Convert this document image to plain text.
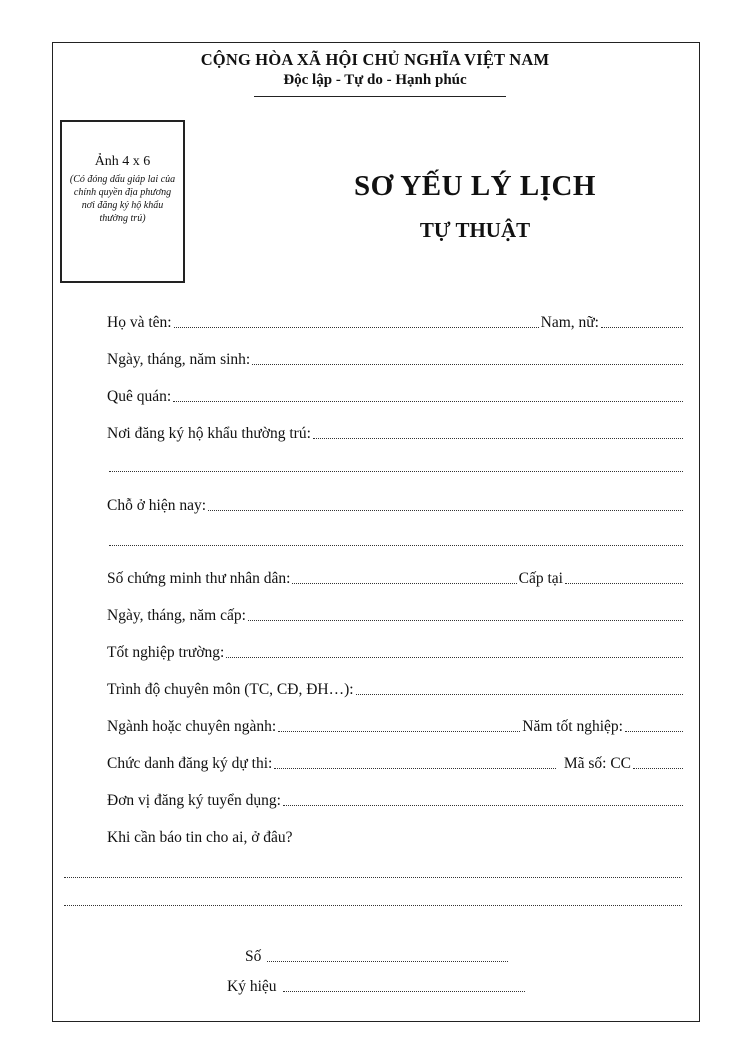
CỘNG HÒA XÃ HỘI CHỦ NGHĨA VIỆT NAM
Độc lập - Tự do - Hạnh phúc
Ảnh 4 x 6
(Có đóng dấu giáp lai của chính quyền địa phương nơi đăng ký hộ khẩu thường trú)
SƠ YẾU LÝ LỊCH
TỰ THUẬT
Họ và tên:	Nam, nữ:
Ngày, tháng, năm sinh:
Quê quán:
Nơi đăng ký hộ khẩu thường trú:
Chỗ ở hiện nay:
Số chứng minh thư nhân dân:	Cấp tại
Ngày, tháng, năm cấp:
Tốt nghiệp trường:
Trình độ chuyên môn (TC, CĐ, ĐH…):
Ngành hoặc chuyên ngành:	Năm tốt nghiệp:
Chức danh đăng ký dự thi:	Mã số: CC
Đơn vị đăng ký tuyển dụng:
Khi cần báo tin cho ai, ở đâu?
Số
Ký hiệu
